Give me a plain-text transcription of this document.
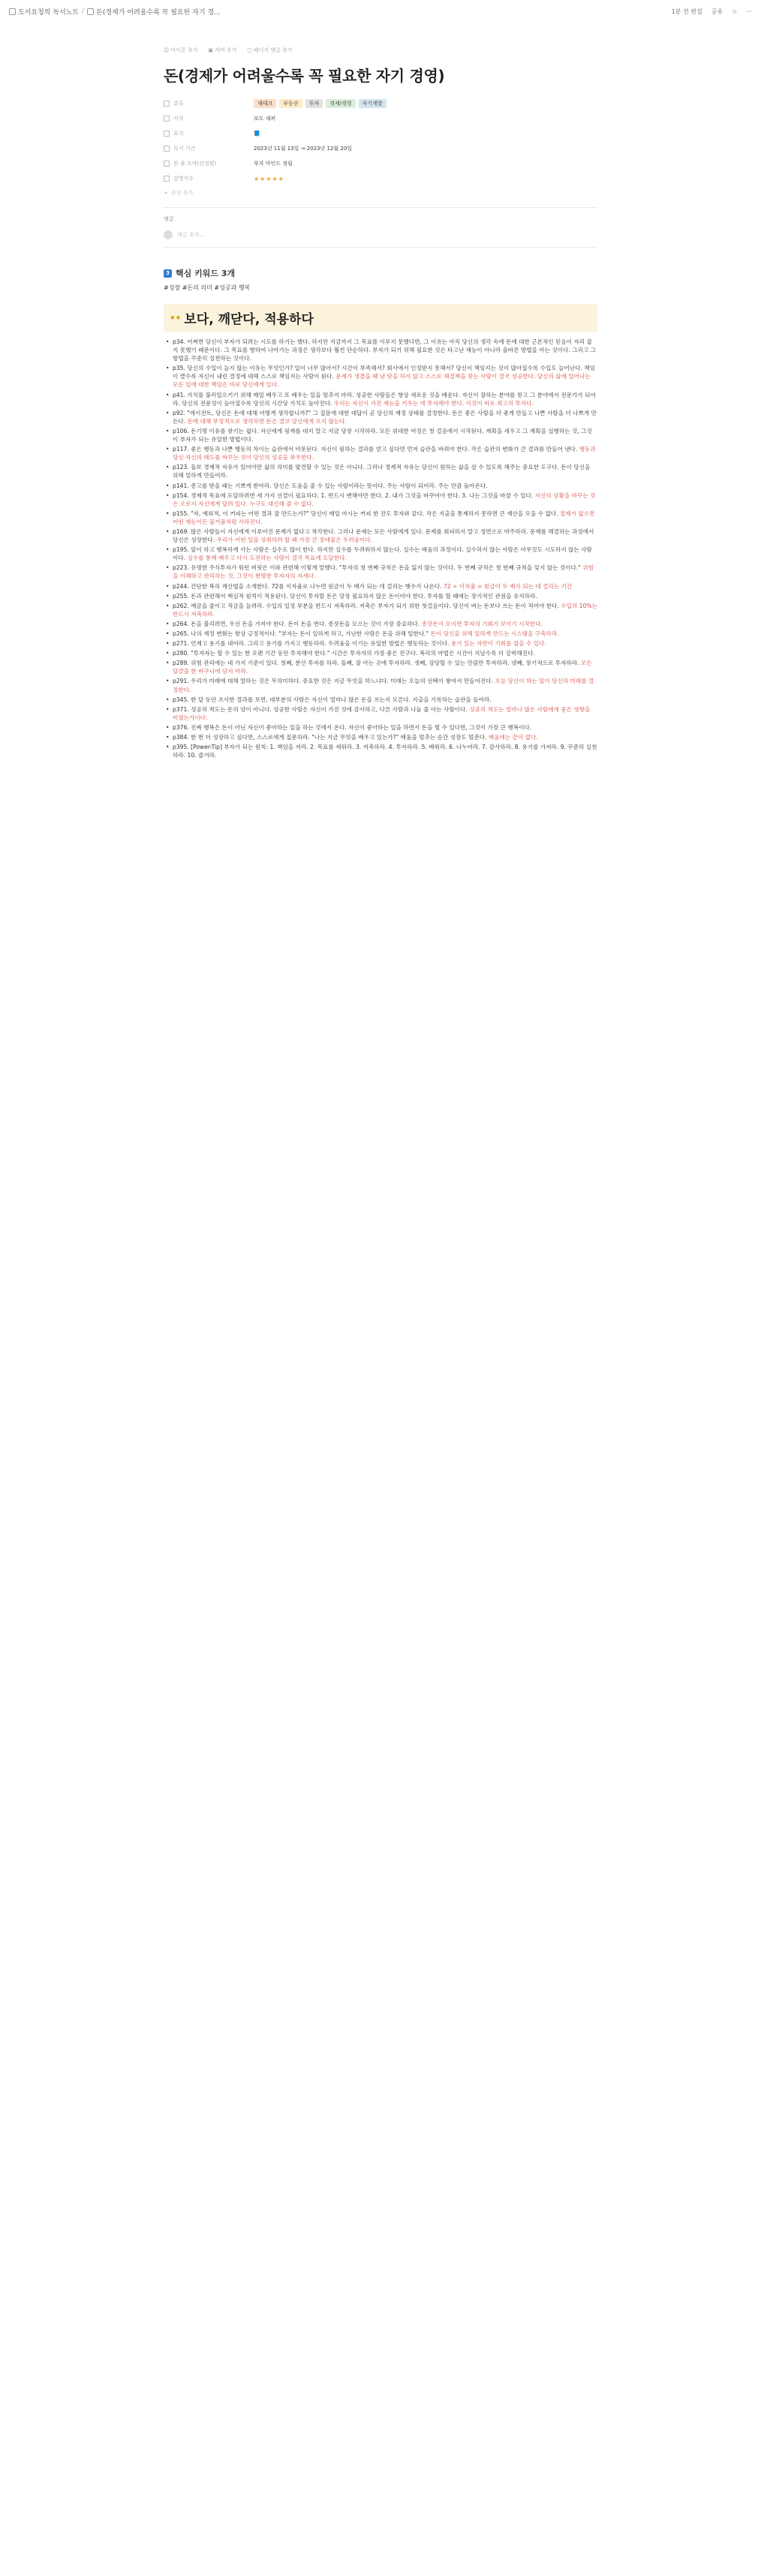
도서요청의 독서노트 / 돈(경제가 어려울수록 꼭 필요한 자기 경...	1분 전 편집 공유 ☆ ···
☺ 아이콘 추가 ▣ 커버 추가 ▢ 페이지 댓글 추가
돈(경제가 어려울수록 꼭 필요한 자기 경영)
분류	재테크	부동산	투자	경제/경영	자기계발
저자	보도 섀퍼
표지	📘
독서 기간	2023년 11월 13일 → 2023년 12월 20일
한 줄 요약(선정평)	부자 마인드 정립
감명지수	★★★★★
+ 속성 추가
댓글
댓글 추가...
3 핵심 키워드 3개
#성장 #돈의 의미 #성공과 행복
•• 보다, 깨닫다, 적용하다
• p34. 어쩌면 당신이 부자가 되려는 시도를 하기는 했다. 하지만 지금까지 그 목표를 이루지 못했다면, 그 이유는 아직 당신의 생각 속에 돈에 대한 근본적인 믿음이 자리 잡지 못했기 때문이다. 그 목표를 향하여 나아가는 과정은 생각보다 훨씬 단순하다. 부자가 되기 위해 필요한 것은 타고난 재능이 아니라 올바른 방법을 아는 것이다. 그리고 그 방법을 꾸준히 실천하는 것이다.
• p35. 당신의 수입이 늘지 않는 이유는 무엇인가? 일이 너무 많아서? 시간이 부족해서? 회사에서 인정받지 못해서? 당신이 책임지는 것이 많아질수록 수입도 늘어난다. 책임이 클수록 자신이 내린 결정에 대해 스스로 책임지는 사람이 된다. 문제가 생겼을 때 남 탓을 하지 않고 스스로 해결책을 찾는 사람이 결국 성공한다. 당신의 삶에 일어나는 모든 일에 대한 책임은 바로 당신에게 있다.
• p41. 가치를 불러일으키기 위해 매일 배우고 또 배우는 일을 멈추지 마라. 성공한 사람들은 항상 새로운 것을 배운다. 자신이 잘하는 분야를 찾고 그 분야에서 전문가가 되어라. 당신의 전문성이 높아질수록 당신의 시간당 가치도 높아진다. 우리는 자신이 가진 재능을 키우는 데 투자해야 한다. 이것이 바로 최고의 투자다.
• p92. "에이전트, 당신은 돈에 대해 어떻게 생각합니까?" 그 질문에 대한 대답이 곧 당신의 재정 상태를 결정한다. 돈은 좋은 사람을 더 좋게 만들고 나쁜 사람을 더 나쁘게 만든다. 돈에 대해 부정적으로 생각하면 돈은 결코 당신에게 오지 않는다.
• p106. 돈기명 이유를 찾기는 쉽다. 자신에게 핑계를 대지 말고 지금 당장 시작하라. 모든 위대한 여정은 첫 걸음에서 시작된다. 계획을 세우고 그 계획을 실행하는 것, 그것이 부자가 되는 유일한 방법이다.
• p117. 좋은 행동과 나쁜 행동의 차이는 습관에서 비롯된다. 자신이 원하는 결과를 얻고 싶다면 먼저 습관을 바꿔야 한다. 작은 습관의 변화가 큰 결과를 만들어 낸다. 행동과 당신 자신의 태도를 바꾸는 것이 당신의 성공을 좌우한다.
• p123. 돌보 경제적 자유가 있어야만 삶의 의미를 발견할 수 있는 것은 아니다. 그러나 경제적 자유는 당신이 원하는 삶을 살 수 있도록 해주는 중요한 도구다. 돈이 당신을 위해 일하게 만들어라.
• p141. 종고를 받을 때는 기쁘게 받아라. 당신은 도움을 줄 수 있는 사람이라는 뜻이다. 주는 사람이 되어라. 주는 만큼 돌아온다.
• p154. 경제적 목표에 도달하려면 세 가지 선결이 필요하다. 1. 반드시 변해야만 한다. 2. 내가 그것을 바꾸어야 한다. 3. 나는 그것을 바꿀 수 있다. 자신의 상황을 바꾸는 것은 오로지 자신에게 달려 있다. 누구도 대신해 줄 수 없다.
• p155. "자, 예외적, 이 커피는 어떤 결과 잘 만드는가?" 당신이 매일 마시는 커피 한 잔도 투자와 같다. 작은 지출을 통제하지 못하면 큰 재산을 모을 수 없다. 절제가 없으면 어떤 재능이든 물거품처럼 사라진다.
• p169. 많은 사람들이 자신에게 이루어진 문제가 없다고 착각한다. 그러나 문제는 모든 사람에게 있다. 문제를 회피하지 말고 정면으로 마주하라. 문제를 해결하는 과정에서 당신은 성장한다. 우리가 어떤 일을 성취하려 할 때 가장 큰 장애물은 두려움이다.
• p195. 앞이 하고 행복하게 사는 사람은 실수도 많이 한다. 하지만 실수를 두려워하지 않는다. 실수는 배움의 과정이다. 실수하지 않는 사람은 아무것도 시도하지 않는 사람이다. 실수를 통해 배우고 다시 도전하는 사람이 결국 목표에 도달한다.
• p223. 유명한 주식투자가 워런 버핏은 이와 관련해 이렇게 말했다. "투자의 첫 번째 규칙은 돈을 잃지 않는 것이다. 두 번째 규칙은 첫 번째 규칙을 잊지 않는 것이다." 위험을 이해하고 관리하는 것, 그것이 현명한 투자자의 자세다.
• p244. 간단한 복리 계산법을 소개한다. 72를 이자율로 나누면 원금이 두 배가 되는 데 걸리는 햇수가 나온다. 72 ÷ 이자율 = 원금이 두 배가 되는 데 걸리는 기간
• p255. 돈과 관련해서 핵심적 원칙이 적용된다. 당신이 투자할 돈은 당장 필요하지 않은 돈이어야 한다. 투자를 할 때에는 장기적인 관점을 유지하라.
• p262. 예금을 줄이고 적금을 늘려라. 수입의 일정 부분을 반드시 저축하라. 저축은 부자가 되기 위한 첫걸음이다. 당신이 버는 돈보다 쓰는 돈이 적어야 한다. 수입의 10%는 반드시 저축하라.
• p264. 돈을 불리려면, 우선 돈을 가져야 한다. 돈이 돈을 번다. 종잣돈을 모으는 것이 가장 중요하다. 종잣돈이 모이면 투자의 기회가 보이기 시작한다.
• p265. 나의 재정 변화는 항상 긍정적이다. "부자는 돈이 일하게 하고, 가난한 사람은 돈을 위해 일한다." 돈이 당신을 위해 일하게 만드는 시스템을 구축하라.
• p271. 언제고 용기를 내어라. 그리고 용기를 가지고 행동하라. 두려움을 이기는 유일한 방법은 행동하는 것이다. 용기 있는 자만이 기회를 잡을 수 있다.
• p280. "투자자는 할 수 있는 한 오랜 기간 동안 투자해야 한다." 시간은 투자자의 가장 좋은 친구다. 복리의 마법은 시간이 지날수록 더 강력해진다.
• p289. 위험 관리에는 네 가지 기준이 있다. 첫째, 분산 투자를 하라. 둘째, 잘 아는 곳에 투자하라. 셋째, 감당할 수 있는 만큼만 투자하라. 넷째, 장기적으로 투자하라. 모든 달걀을 한 바구니에 담지 마라.
• p291. 우리가 미래에 대해 말하는 것은 무의미하다. 중요한 것은 지금 무엇을 하느냐다. 미래는 오늘의 선택이 쌓여서 만들어진다. 오늘 당신이 하는 일이 당신의 미래를 결정한다.
• p345. 한 달 동안 조사한 결과를 보면, 대부분의 사람은 자신이 얼마나 많은 돈을 쓰는지 모른다. 지출을 기록하는 습관을 들여라.
• p371. 성공의 척도는 돈의 양이 아니다. 성공한 사람은 자신이 가진 것에 감사하고, 다른 사람과 나눌 줄 아는 사람이다. 성공의 척도는 얼마나 많은 사람에게 좋은 영향을 미쳤는가이다.
• p376. 진짜 행복은 돈이 아닌 자신이 좋아하는 일을 하는 것에서 온다. 자신이 좋아하는 일을 하면서 돈을 벌 수 있다면, 그것이 가장 큰 행복이다.
• p384. 한 번 더 성장하고 싶다면, 스스로에게 질문하라. "나는 지금 무엇을 배우고 있는가?" 배움을 멈추는 순간 성장도 멈춘다. 배움에는 끝이 없다.
• p395. [Power-Tip] 부자가 되는 원칙: 1. 책임을 져라. 2. 목표를 세워라. 3. 저축하라. 4. 투자하라. 5. 배워라. 6. 나누어라. 7. 감사하라. 8. 용기를 가져라. 9. 꾸준히 실천하라. 10. 즐겨라.
